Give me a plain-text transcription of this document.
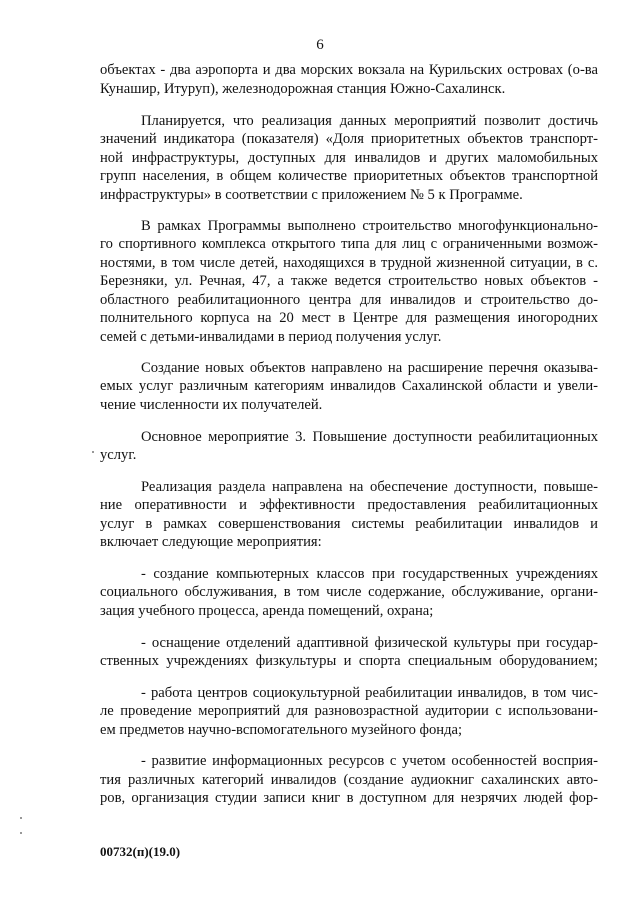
6
объектах - два аэропорта и два морских вокзала на Курильских островах (о-ва
Кунашир, Итуруп), железнодорожная станция Южно-Сахалинск.
Планируется, что реализация данных мероприятий позволит достичь
значений индикатора (показателя) «Доля приоритетных объектов транспорт-
ной инфраструктуры, доступных для инвалидов и других маломобильных
групп населения, в общем количестве приоритетных объектов транспортной
инфраструктуры» в соответствии с приложением № 5 к Программе.
В рамках Программы выполнено строительство многофункционально-
го спортивного комплекса открытого типа для лиц с ограниченными возмож-
ностями, в том числе детей, находящихся в трудной жизненной ситуации, в с.
Березняки, ул. Речная, 47, а также ведется строительство новых объектов -
областного реабилитационного центра для инвалидов и строительство до-
полнительного корпуса на 20 мест в Центре для размещения иногородних
семей с детьми-инвалидами в период получения услуг.
Создание новых объектов направлено на расширение перечня оказыва-
емых услуг различным категориям инвалидов Сахалинской области и увели-
чение численности их получателей.
Основное мероприятие 3. Повышение доступности реабилитационных
услуг.
Реализация раздела направлена на обеспечение доступности, повыше-
ние оперативности и эффективности предоставления реабилитационных
услуг в рамках совершенствования системы реабилитации инвалидов и
включает следующие мероприятия:
- создание компьютерных классов при государственных учреждениях
социального обслуживания, в том числе содержание, обслуживание, органи-
зация учебного процесса, аренда помещений, охрана;
- оснащение отделений адаптивной физической культуры при государ-
ственных учреждениях физкультуры и спорта специальным оборудованием;
- работа центров социокультурной реабилитации инвалидов, в том чис-
ле проведение мероприятий для разновозрастной аудитории с использовани-
ем предметов научно-вспомогательного музейного фонда;
- развитие информационных ресурсов с учетом особенностей восприя-
тия различных категорий инвалидов (создание аудиокниг сахалинских авто-
ров, организация студии записи книг в доступном для незрячих людей фор-
00732(п)(19.0)
